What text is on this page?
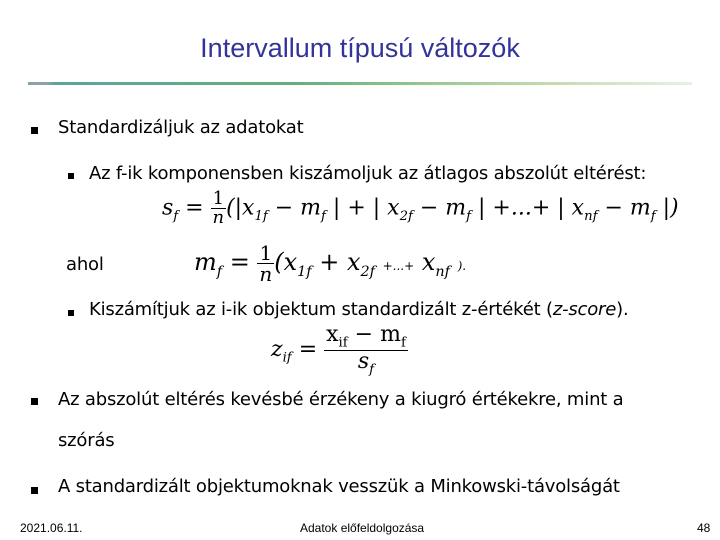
Intervallum típusú változók
Standardizáljuk az adatokat
Az f-ik komponensben kiszámoljuk az átlagos abszolút eltérést:
$s_f = \frac{1}{n} (|x_{1f} - m_f$ | + | $x_{2f} - m_f$ | +...+ | $x_{nf} - m_f$ |)
ahol	$m_f = \frac{1}{n} (x_{1f} + x_{2f}$ +...+ $x_{nf}$ ).
Kiszámítjuk az i-ik objektum standardizált z-értékét (z-score).
$z_{if} = \frac{x_{if} - m_f}{s_f}$
Az abszolút eltérés kevésbé érzékeny a kiugró értékekre, mint a
szórás
A standardizált objektumoknak vesszük a Minkowski-távolságát
2021.06.11.	Adatok előfeldolgozása	48
